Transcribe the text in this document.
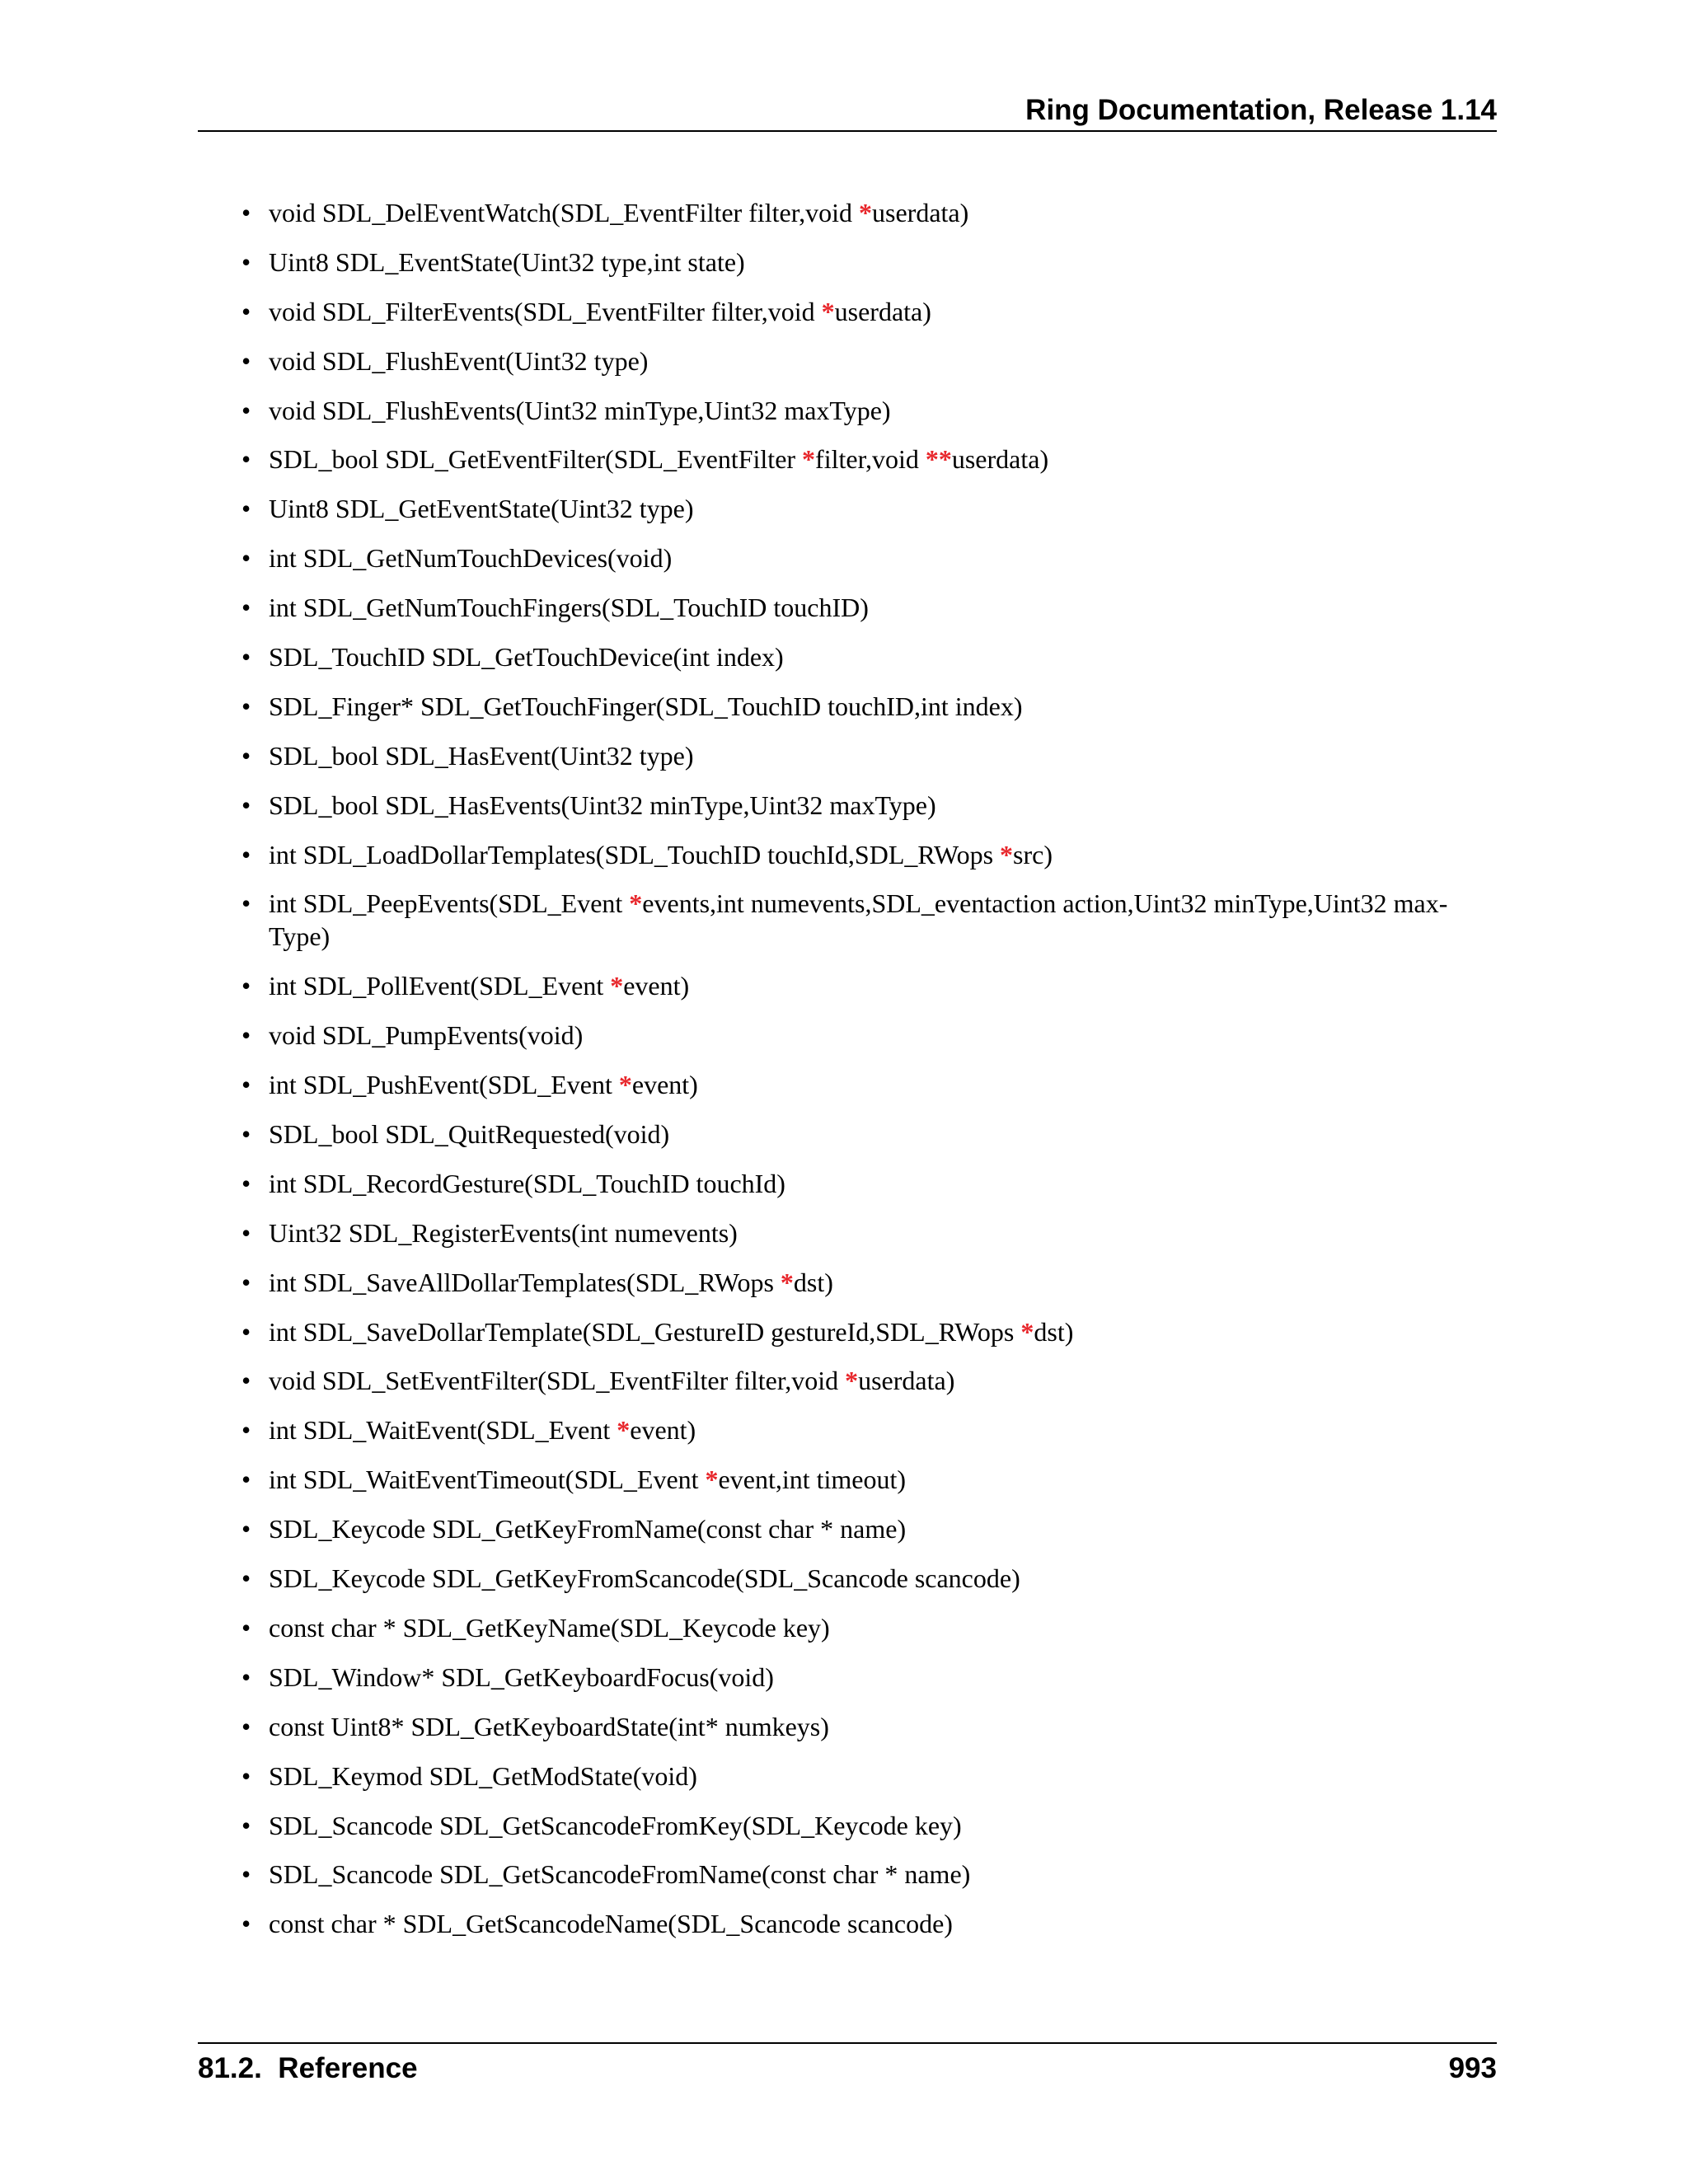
Ring Documentation, Release 1.14
• void SDL_DelEventWatch(SDL_EventFilter filter,void *userdata)
• Uint8 SDL_EventState(Uint32 type,int state)
• void SDL_FilterEvents(SDL_EventFilter filter,void *userdata)
• void SDL_FlushEvent(Uint32 type)
• void SDL_FlushEvents(Uint32 minType,Uint32 maxType)
• SDL_bool SDL_GetEventFilter(SDL_EventFilter *filter,void **userdata)
• Uint8 SDL_GetEventState(Uint32 type)
• int SDL_GetNumTouchDevices(void)
• int SDL_GetNumTouchFingers(SDL_TouchID touchID)
• SDL_TouchID SDL_GetTouchDevice(int index)
• SDL_Finger* SDL_GetTouchFinger(SDL_TouchID touchID,int index)
• SDL_bool SDL_HasEvent(Uint32 type)
• SDL_bool SDL_HasEvents(Uint32 minType,Uint32 maxType)
• int SDL_LoadDollarTemplates(SDL_TouchID touchId,SDL_RWops *src)
• int SDL_PeepEvents(SDL_Event *events,int numevents,SDL_eventaction action,Uint32 minType,Uint32 max-Type)
• int SDL_PollEvent(SDL_Event *event)
• void SDL_PumpEvents(void)
• int SDL_PushEvent(SDL_Event *event)
• SDL_bool SDL_QuitRequested(void)
• int SDL_RecordGesture(SDL_TouchID touchId)
• Uint32 SDL_RegisterEvents(int numevents)
• int SDL_SaveAllDollarTemplates(SDL_RWops *dst)
• int SDL_SaveDollarTemplate(SDL_GestureID gestureId,SDL_RWops *dst)
• void SDL_SetEventFilter(SDL_EventFilter filter,void *userdata)
• int SDL_WaitEvent(SDL_Event *event)
• int SDL_WaitEventTimeout(SDL_Event *event,int timeout)
• SDL_Keycode SDL_GetKeyFromName(const char * name)
• SDL_Keycode SDL_GetKeyFromScancode(SDL_Scancode scancode)
• const char * SDL_GetKeyName(SDL_Keycode key)
• SDL_Window* SDL_GetKeyboardFocus(void)
• const Uint8* SDL_GetKeyboardState(int* numkeys)
• SDL_Keymod SDL_GetModState(void)
• SDL_Scancode SDL_GetScancodeFromKey(SDL_Keycode key)
• SDL_Scancode SDL_GetScancodeFromName(const char * name)
• const char * SDL_GetScancodeName(SDL_Scancode scancode)
81.2.  Reference	993
